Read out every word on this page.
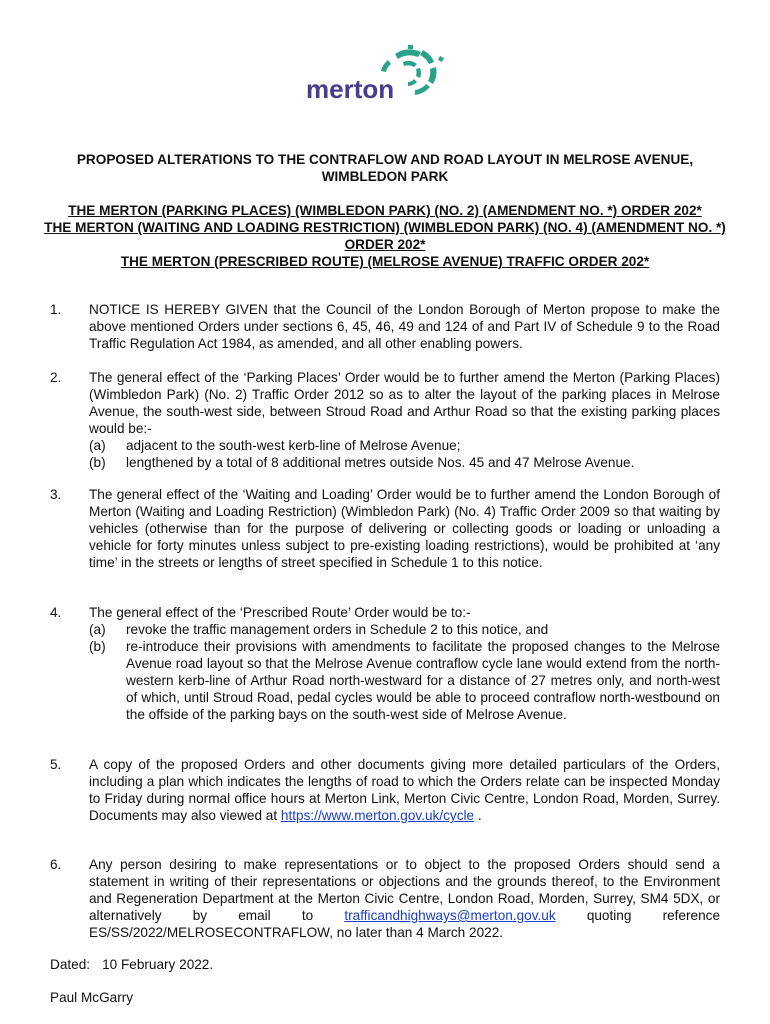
merton
PROPOSED ALTERATIONS TO THE CONTRAFLOW AND ROAD LAYOUT IN MELROSE AVENUE, WIMBLEDON PARK
THE MERTON (PARKING PLACES) (WIMBLEDON PARK) (NO. 2) (AMENDMENT NO. *) ORDER 202*
THE MERTON (WAITING AND LOADING RESTRICTION) (WIMBLEDON PARK) (NO. 4) (AMENDMENT NO. *) ORDER 202*
THE MERTON (PRESCRIBED ROUTE) (MELROSE AVENUE) TRAFFIC ORDER 202*
1. NOTICE IS HEREBY GIVEN that the Council of the London Borough of Merton propose to make the above mentioned Orders under sections 6, 45, 46, 49 and 124 of and Part IV of Schedule 9 to the Road Traffic Regulation Act 1984, as amended, and all other enabling powers.
2. The general effect of the ‘Parking Places’ Order would be to further amend the Merton (Parking Places) (Wimbledon Park) (No. 2) Traffic Order 2012 so as to alter the layout of the parking places in Melrose Avenue, the south-west side, between Stroud Road and Arthur Road so that the existing parking places would be:-
(a)	adjacent to the south-west kerb-line of Melrose Avenue;
(b)	lengthened by a total of 8 additional metres outside Nos. 45 and 47 Melrose Avenue.
3. The general effect of the ‘Waiting and Loading’ Order would be to further amend the London Borough of Merton (Waiting and Loading Restriction) (Wimbledon Park) (No. 4) Traffic Order 2009 so that waiting by vehicles (otherwise than for the purpose of delivering or collecting goods or loading or unloading a vehicle for forty minutes unless subject to pre-existing loading restrictions), would be prohibited at ‘any time’ in the streets or lengths of street specified in Schedule 1 to this notice.
4. The general effect of the ‘Prescribed Route’ Order would be to:-
(a)	revoke the traffic management orders in Schedule 2 to this notice, and
(b)	re-introduce their provisions with amendments to facilitate the proposed changes to the Melrose Avenue road layout so that the Melrose Avenue contraflow cycle lane would extend from the north-western kerb-line of Arthur Road north-westward for a distance of 27 metres only, and north-west of which, until Stroud Road, pedal cycles would be able to proceed contraflow north-westbound on the offside of the parking bays on the south-west side of Melrose Avenue.
5. A copy of the proposed Orders and other documents giving more detailed particulars of the Orders, including a plan which indicates the lengths of road to which the Orders relate can be inspected Monday to Friday during normal office hours at Merton Link, Merton Civic Centre, London Road, Morden, Surrey. Documents may also viewed at https://www.merton.gov.uk/cycle .
6. Any person desiring to make representations or to object to the proposed Orders should send a statement in writing of their representations or objections and the grounds thereof, to the Environment and Regeneration Department at the Merton Civic Centre, London Road, Morden, Surrey, SM4 5DX, or alternatively by email to trafficandhighways@merton.gov.uk quoting reference ES/SS/2022/MELROSECONTRAFLOW, no later than 4 March 2022.
Dated: 10 February 2022.
Paul McGarry
